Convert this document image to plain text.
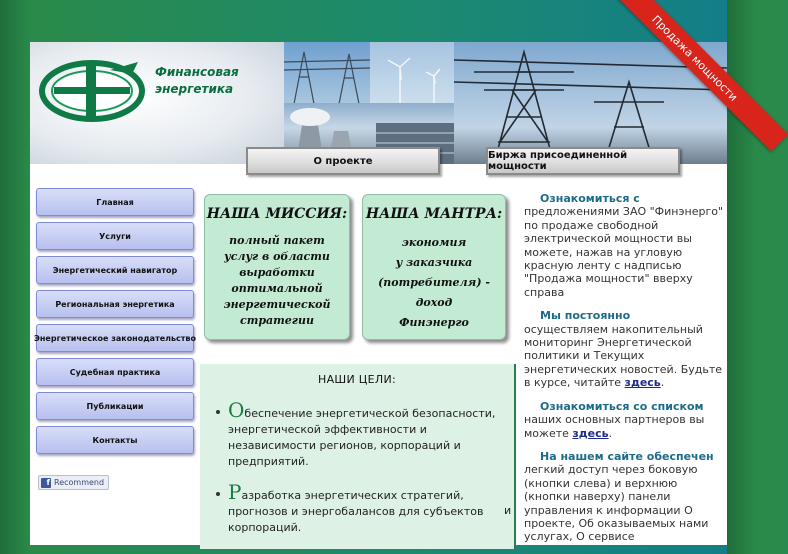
Финансовая
энергетика
О проекте	Биржа присоединенной мощности
Главная
Услуги
Энергетический навигатор
Региональная энергетика
Энергетическое законодательство
Судебная практика
Публикации
Контакты
f Recommend
НАША МИССИЯ:
полный пакет
услуг в области
выработки
оптимальной
энергетической
стратегии
НАША МАНТРА:
экономия
у заказчика
(потребителя) -
доход
Финэнерго
НАШИ ЦЕЛИ:
Обеспечение энергетической безопасности, энергетической эффективности и независимости регионов, корпораций и предприятий.
Разработка энергетических стратегий, прогнозов и энергобалансов для субъектов
корпораций.
и

Ознакомиться с
предложениями ЗАО "Финэнерго" по продаже свободной электрической мощности вы можете, нажав на угловую красную ленту с надписью "Продажа мощности" вверху справа

Мы постоянно
осуществляем накопительный мониторинг Энергетической политики и Текущих энергетических новостей. Будьте в курсе, читайте здесь.

Ознакомиться со списком
наших основных партнеров вы можете здесь.

На нашем сайте обеспечен
легкий доступ через боковую (кнопки слева) и верхнюю (кнопки наверху) панели управления к информации О проекте, Об оказываемых нами услугах, О сервисе

Продажа мощности
